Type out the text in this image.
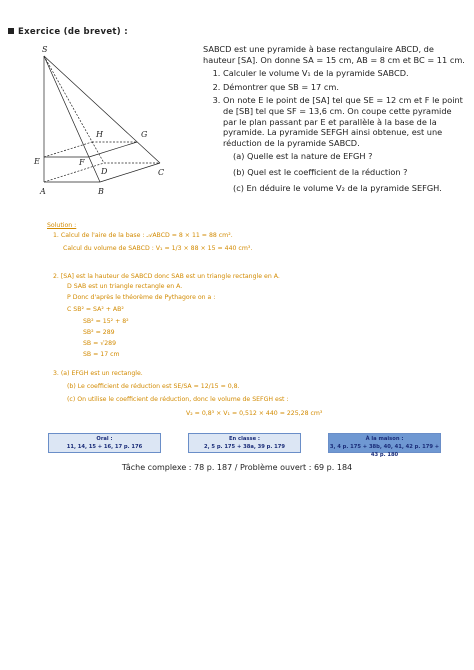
Exercice (de brevet) :
S
H	G
E	F
D	C
A	B

SABCD est une pyramide à base rectangulaire ABCD, de hauteur [SA]. On donne SA = 15 cm, AB = 8 cm et BC = 11 cm.

1. Calculer le volume V₁ de la pyramide SABCD.
2. Démontrer que SB = 17 cm.
3. On note E le point de [SA] tel que SE = 12 cm et F le point de [SB] tel que SF = 13,6 cm. On coupe cette pyramide par le plan passant par E et parallèle à la base de la pyramide. La pyramide SEFGH ainsi obtenue, est une réduction de la pyramide SABCD.
(a) Quelle est la nature de EFGH ?
(b) Quel est le coefficient de la réduction ?
(c) En déduire le volume V₂ de la pyramide SEFGH.
Solution :
1. Calcul de l'aire de la base : 𝒜ABCD = 8 × 11 = 88 cm².
Calcul du volume de SABCD : V₁ = 1/3 × 88 × 15 = 440 cm³.
2. [SA] est la hauteur de SABCD donc SAB est un triangle rectangle en A.
D SAB est un triangle rectangle en A.
P Donc d'après le théorème de Pythagore on a :
C SB² = SA² + AB²
SB² = 15² + 8²
SB² = 289
SB = √289
SB = 17 cm
3. (a) EFGH est un rectangle.
(b) Le coefficient de réduction est SE/SA = 12/15 = 0,8.
(c) On utilise le coefficient de réduction, donc le volume de SEFGH est :
V₂ = 0,8³ × V₁ = 0,512 × 440 = 225,28 cm³
Oral :
11, 14, 15 + 16, 17 p. 176
En classe :
2, 5 p. 175 + 38a, 39 p. 179
À la maison :
3, 4 p. 175 + 38b, 40, 41, 42 p. 179 + 43 p. 180
Tâche complexe : 78 p. 187 / Problème ouvert : 69 p. 184
